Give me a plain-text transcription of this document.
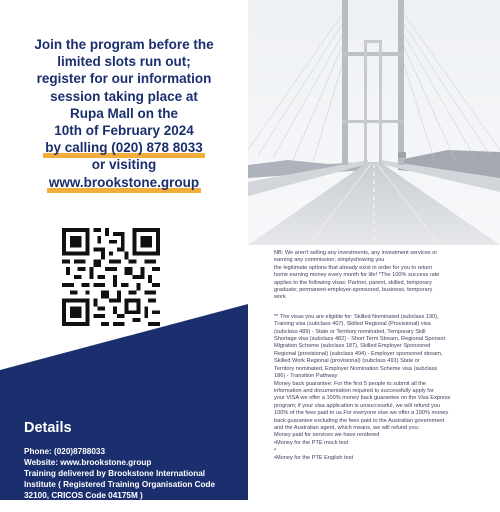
Join the program before the
limited slots run out;
register for our information
session taking place at
Rupa Mall on the
10th of February 2024
by calling (020) 878 8033
or visiting
www.brookstone.group
Details
Phone: (020)8788033
Website: www.brookstone.group
Training delivered by Brookstone International
Institute ( Registered Training Organisation Code
32100, CRICOS Code 04175M )
Australian Business Number 29 139 502 524
NB: We aren't selling any investments, any investment services or
earning any commission; simplyshowing you
the legitimate options that already exist in order for you to return
home earning money every month for life! *The 100% success rate
applies to the following visas: Partner, parent, skilled, temporary
graduate; permanent-employer-sponsored, business, temporary
work
** The visas you are eligible for: Skilled Nominated (subclass 190),
Training visa (subclass 407), Skilled Regional (Provisional) visa
(subclass 489) - State or Territory nominated, Temporary Skill
Shortage visa (subclass 482) - Short Term Stream, Regional Sponsor
Migration Scheme (subclass 187), Skilled Employer Sponsored
Regional (provisional) (subclass 494) - Employer sponsored stream,
Skilled Work Regional (provisional) (subclass 491) State or
Territory nominated, Employer Nomination Scheme visa (subclass
186) - Transition Pathway
Money back guarantee: For the first 5 people to submit all the
information and documentation required to successfully apply for
your VISA we offer a 100% money back guarantee on the Visa Express
program; if your visa application is unsuccessful, we will refund you
100% of the fees paid to us.For everyone else we offer a 100% money
back guarantee excluding the fees paid to the Australian government
and the Australian agent, which means, we will refund you:
Money paid for services we have rendered
•Money for the PTE mock test
•
•Money for the PTE English test
